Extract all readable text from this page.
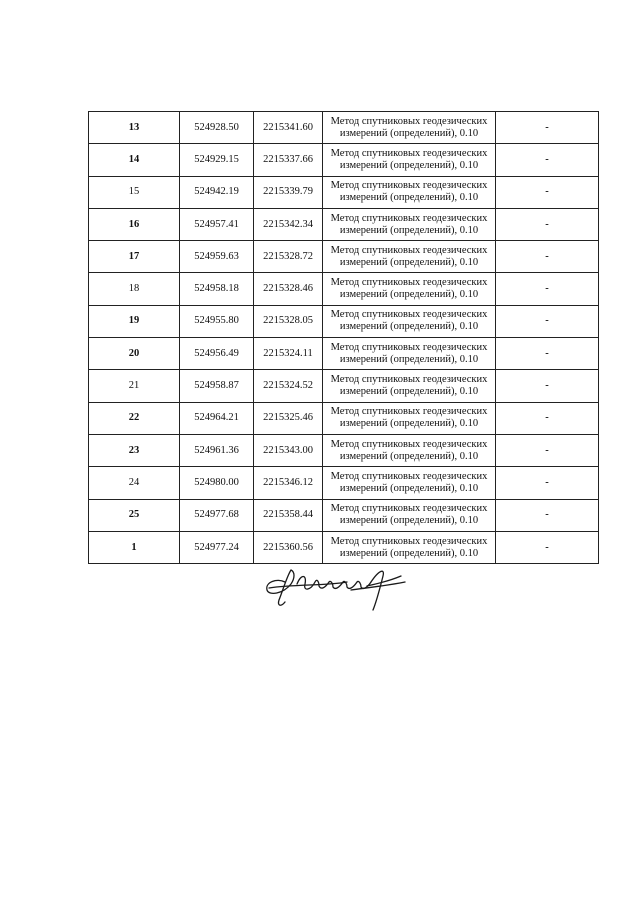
13	524928.50	2215341.60	Метод спутниковых геодезических
измерений (определений), 0.10	-
14	524929.15	2215337.66	Метод спутниковых геодезических
измерений (определений), 0.10	-
15	524942.19	2215339.79	Метод спутниковых геодезических
измерений (определений), 0.10	-
16	524957.41	2215342.34	Метод спутниковых геодезических
измерений (определений), 0.10	-
17	524959.63	2215328.72	Метод спутниковых геодезических
измерений (определений), 0.10	-
18	524958.18	2215328.46	Метод спутниковых геодезических
измерений (определений), 0.10	-
19	524955.80	2215328.05	Метод спутниковых геодезических
измерений (определений), 0.10	-
20	524956.49	2215324.11	Метод спутниковых геодезических
измерений (определений), 0.10	-
21	524958.87	2215324.52	Метод спутниковых геодезических
измерений (определений), 0.10	-
22	524964.21	2215325.46	Метод спутниковых геодезических
измерений (определений), 0.10	-
23	524961.36	2215343.00	Метод спутниковых геодезических
измерений (определений), 0.10	-
24	524980.00	2215346.12	Метод спутниковых геодезических
измерений (определений), 0.10	-
25	524977.68	2215358.44	Метод спутниковых геодезических
измерений (определений), 0.10	-
1	524977.24	2215360.56	Метод спутниковых геодезических
измерений (определений), 0.10	-
